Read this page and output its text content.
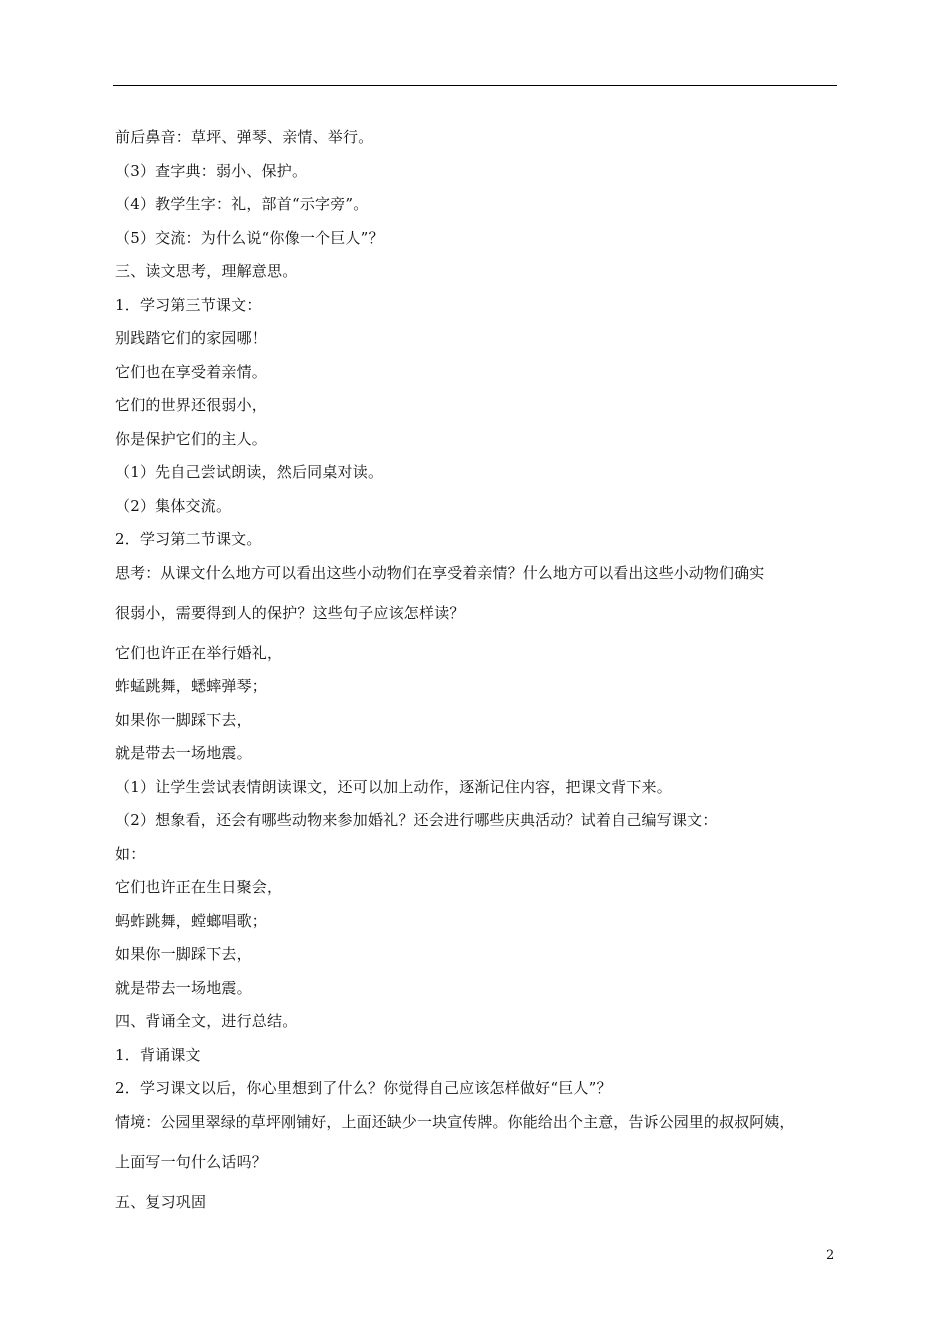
前后鼻音：草坪、弹琴、亲情、举行。
（3）查字典：弱小、保护。
（4）教学生字：礼，部首“示字旁”。
（5）交流：为什么说“你像一个巨人”？
三、读文思考，理解意思。
1．学习第三节课文：
别践踏它们的家园哪！
它们也在享受着亲情。
它们的世界还很弱小，
你是保护它们的主人。
（1）先自己尝试朗读，然后同桌对读。
（2）集体交流。
2．学习第二节课文。
思考：从课文什么地方可以看出这些小动物们在享受着亲情？什么地方可以看出这些小动物们确实
很弱小，需要得到人的保护？这些句子应该怎样读？
它们也许正在举行婚礼，
蚱蜢跳舞，蟋蟀弹琴；
如果你一脚踩下去，
就是带去一场地震。
（1）让学生尝试表情朗读课文，还可以加上动作，逐渐记住内容，把课文背下来。
（2）想象看，还会有哪些动物来参加婚礼？还会进行哪些庆典活动？试着自己编写课文：
如：
它们也许正在生日聚会，
蚂蚱跳舞，螳螂唱歌；
如果你一脚踩下去，
就是带去一场地震。
四、背诵全文，进行总结。
1．背诵课文
2．学习课文以后，你心里想到了什么？你觉得自己应该怎样做好“巨人”？
情境：公园里翠绿的草坪刚铺好，上面还缺少一块宣传牌。你能给出个主意，告诉公园里的叔叔阿姨，
上面写一句什么话吗？
五、复习巩固
2
